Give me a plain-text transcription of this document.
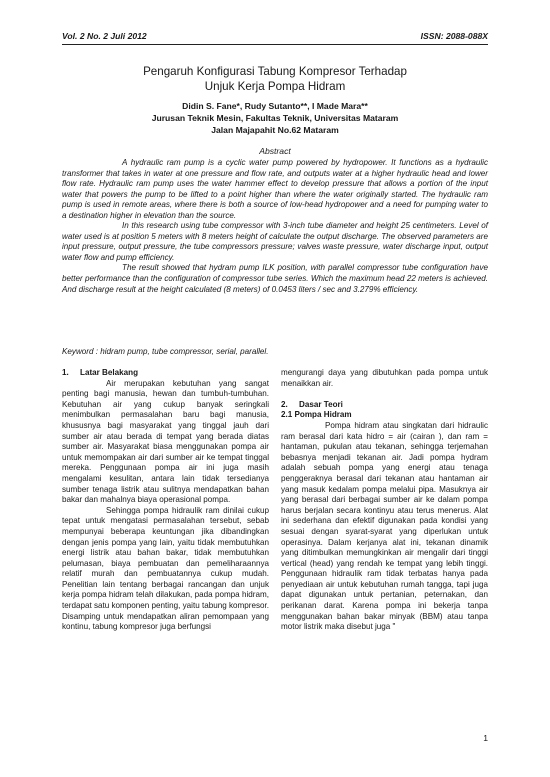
Vol. 2 No. 2 Juli 2012	ISSN: 2088-088X
Pengaruh Konfigurasi Tabung Kompresor Terhadap
Unjuk Kerja Pompa Hidram
Didin S. Fane*, Rudy Sutanto**, I Made Mara**
Jurusan Teknik Mesin, Fakultas Teknik, Universitas Mataram
Jalan Majapahit No.62 Mataram
Abstract

A hydraulic ram pump is a cyclic water pump powered by hydropower. It functions as a hydraulic transformer that takes in water at one pressure and flow rate, and outputs water at a higher hydraulic head and lower flow rate. Hydraulic ram pump uses the water hammer effect to develop pressure that allows a portion of the input water that powers the pump to be lifted to a point higher than where the water originally started. The hydraulic ram pump is used in remote areas, where there is both a source of low-head hydropower and a need for pumping water to a destination higher in elevation than the source.

In this research using tube compressor with 3-inch tube diameter and height 25 centimeters. Level of water used is at position 5 meters with 8 meters height of calculate the output discharge. The observed parameters are input pressure, output pressure, the tube compressors pressure; valves waste pressure, water discharge input, output water flow and pump efficiency.

The result showed that hydram pump ILK position, with parallel compressor tube configuration have better performance than the configuration of compressor tube series. Which the maximum head 22 meters is achieved. And discharge result at the height calculated (8 meters) of 0.0453 liters / sec and 3.279% efficiency.

Keyword : hidram pump, tube compressor, serial, parallel.
1. Latar Belakang

Air merupakan kebutuhan yang sangat penting bagi manusia, hewan dan tumbuh-tumbuhan. Kebutuhan air yang cukup banyak seringkali menimbulkan permasalahan baru bagi manusia, khususnya bagi masyarakat yang tinggal jauh dari sumber air atau berada di tempat yang berada diatas sumber air. Masyarakat biasa menggunakan pompa air untuk memompakan air dari sumber air ke tempat tinggal mereka. Penggunaan pompa air ini juga masih mengalami kesulitan, antara lain tidak tersedianya sumber tenaga listrik atau sulitnya mendapatkan bahan bakar dan mahalnya biaya operasional pompa.

Sehingga pompa hidraulik ram dinilai cukup tepat untuk mengatasi permasalahan tersebut, sebab mempunyai beberapa keuntungan jika dibandingkan dengan jenis pompa yang lain, yaitu tidak membutuhkan energi listrik atau bahan bakar, tidak membutuhkan pelumasan, biaya pembuatan dan pemeliharaannya relatif murah dan pembuatannya cukup mudah. Penelitian lain tentang berbagai rancangan dan unjuk kerja pompa hidram telah dilakukan, pada pompa hidram, terdapat satu komponen penting, yaitu tabung kompresor. Disamping untuk mendapatkan aliran pemompaan yang kontinu, tabung kompresor juga berfungsi

mengurangi daya yang dibutuhkan pada pompa untuk menaikkan air.

2. Dasar Teori
2.1 Pompa Hidram

Pompa hidram atau singkatan dari hidraulic ram berasal dari kata hidro = air (cairan ), dan ram = hantaman, pukulan atau tekanan, sehingga terjemahan bebasnya menjadi tekanan air. Jadi pompa hydram adalah sebuah pompa yang energi atau tenaga penggeraknya berasal dari tekanan atau hantaman air yang masuk kedalam pompa melalui pipa. Masuknya air yang berasal dari berbagai sumber air ke dalam pompa harus berjalan secara kontinyu atau terus menerus. Alat ini sederhana dan efektif digunakan pada kondisi yang sesuai dengan syarat-syarat yang diperlukan untuk operasinya. Dalam kerjanya alat ini, tekanan dinamik yang ditimbulkan memungkinkan air mengalir dari tinggi vertical (head) yang rendah ke tempat yang lebih tinggi. Penggunaan hidraulik ram tidak terbatas hanya pada penyediaan air untuk kebutuhan rumah tangga, tapi juga dapat digunakan untuk pertanian, peternakan, dan perikanan darat. Karena pompa ini bekerja tanpa menggunakan bahan bakar minyak (BBM) atau tanpa motor listrik maka disebut juga "

1
